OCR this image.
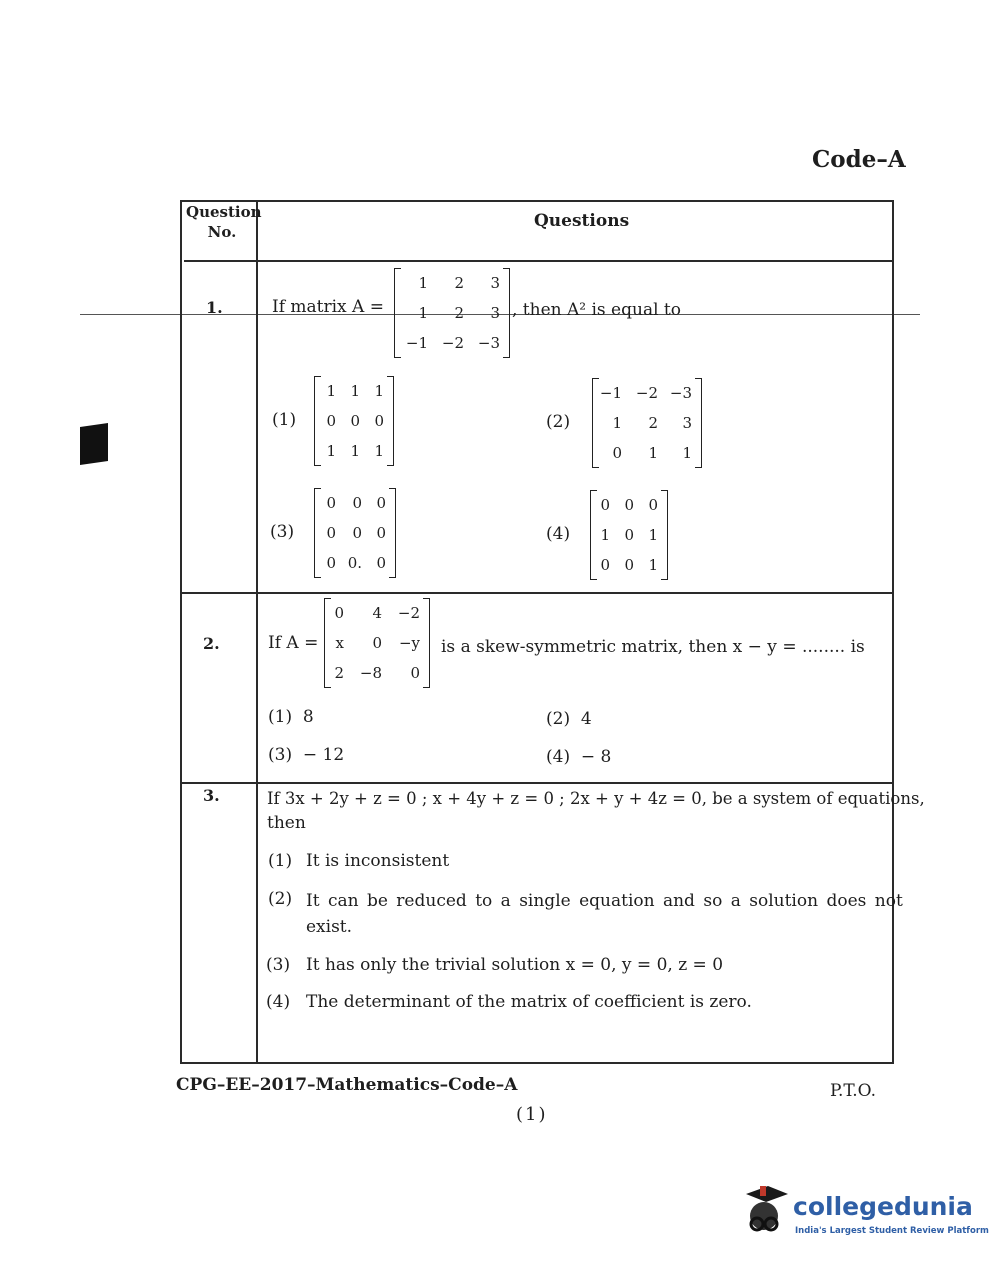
Code–A
Question No.
Questions
1.	If matrix A =
1	2	3
1	2	3
−1 −2 −3
, then A² is equal to
(1)
1 1 1
0 0 0
1 1 1
(2)
−1 −2 −3
1	2	3
0	1	1
(3)
0	0 0
0	0 0
0 0. 0
(4)
0 0 0
1 0 1
0 0 1
2.	If A =
0	4	−2
x	0	−y
2	−8	0
is a skew-symmetric matrix, then x − y = ........ is
(1) 8	(2) 4
(3) − 12	(4) − 8
3.	If 3x + 2y + z = 0 ; x + 4y + z = 0 ; 2x + y + 4z = 0, be a system of equations,
then
(1) It is inconsistent
(2) It can be reduced to a single equation and so a solution does not
exist.
(3) It has only the trivial solution x = 0, y = 0, z = 0
(4) The determinant of the matrix of coefficient is zero.
CPG–EE–2017–Mathematics–Code–A	P.T.O.
(1)
collegedunia
India's Largest Student Review Platform
